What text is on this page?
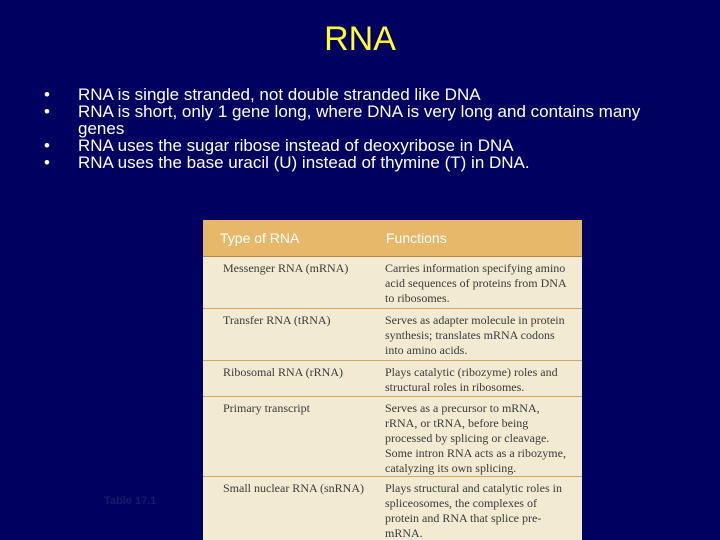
RNA
•	RNA is single stranded, not double stranded like DNA
•	RNA is short, only 1 gene long, where DNA is very long and contains many genes
•	RNA uses the sugar ribose instead of deoxyribose in DNA
•	RNA uses the base uracil (U) instead of thymine (T) in DNA.
Type of RNA	Functions
Messenger RNA (mRNA)	Carries information specifying amino acid sequences of proteins from DNA to ribosomes.
Transfer RNA (tRNA)	Serves as adapter molecule in protein synthesis; translates mRNA codons into amino acids.
Ribosomal RNA (rRNA)	Plays catalytic (ribozyme) roles and structural roles in ribosomes.
Primary transcript	Serves as a precursor to mRNA, rRNA, or tRNA, before being processed by splicing or cleavage. Some intron RNA acts as a ribozyme, catalyzing its own splicing.
Small nuclear RNA (snRNA)	Plays structural and catalytic roles in spliceosomes, the complexes of protein and RNA that splice pre-mRNA.
Table 17.1
